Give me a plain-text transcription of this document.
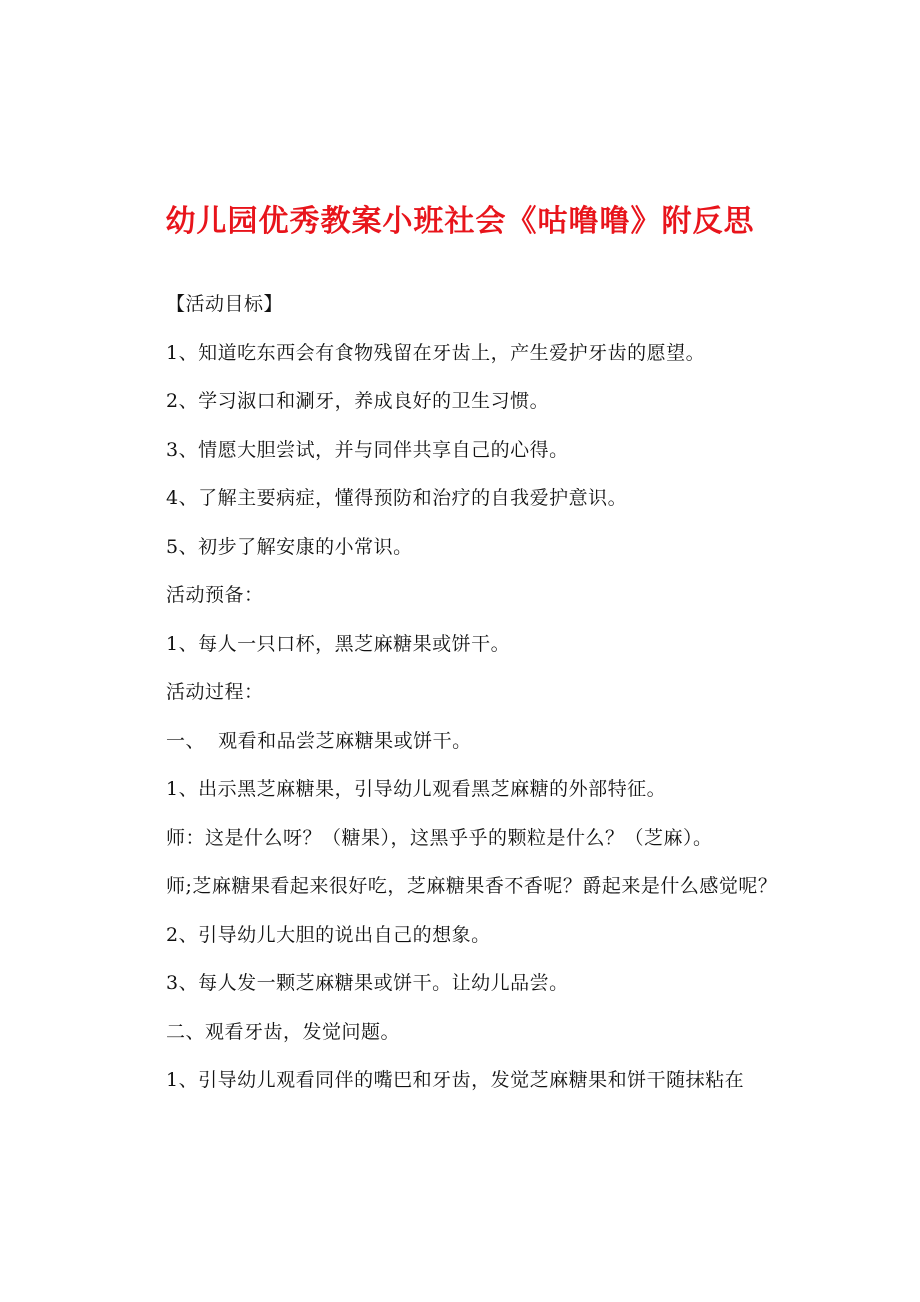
幼儿园优秀教案小班社会《咕噜噜》附反思

【活动目标】

1、知道吃东西会有食物残留在牙齿上，产生爱护牙齿的愿望。

2、学习淑口和涮牙，养成良好的卫生习惯。

3、情愿大胆尝试，并与同伴共享自己的心得。

4、了解主要病症，懂得预防和治疗的自我爱护意识。

5、初步了解安康的小常识。

活动预备：

1、每人一只口杯，黑芝麻糖果或饼干。

活动过程：

一、  观看和品尝芝麻糖果或饼干。

1、出示黑芝麻糖果，引导幼儿观看黑芝麻糖的外部特征。

师：这是什么呀？（糖果），这黑乎乎的颗粒是什么？（芝麻）。

师;芝麻糖果看起来很好吃，芝麻糖果香不香呢？爵起来是什么感觉呢？

2、引导幼儿大胆的说出自己的想象。

3、每人发一颗芝麻糖果或饼干。让幼儿品尝。

二、观看牙齿，发觉问题。

1、引导幼儿观看同伴的嘴巴和牙齿，发觉芝麻糖果和饼干随抹粘在
